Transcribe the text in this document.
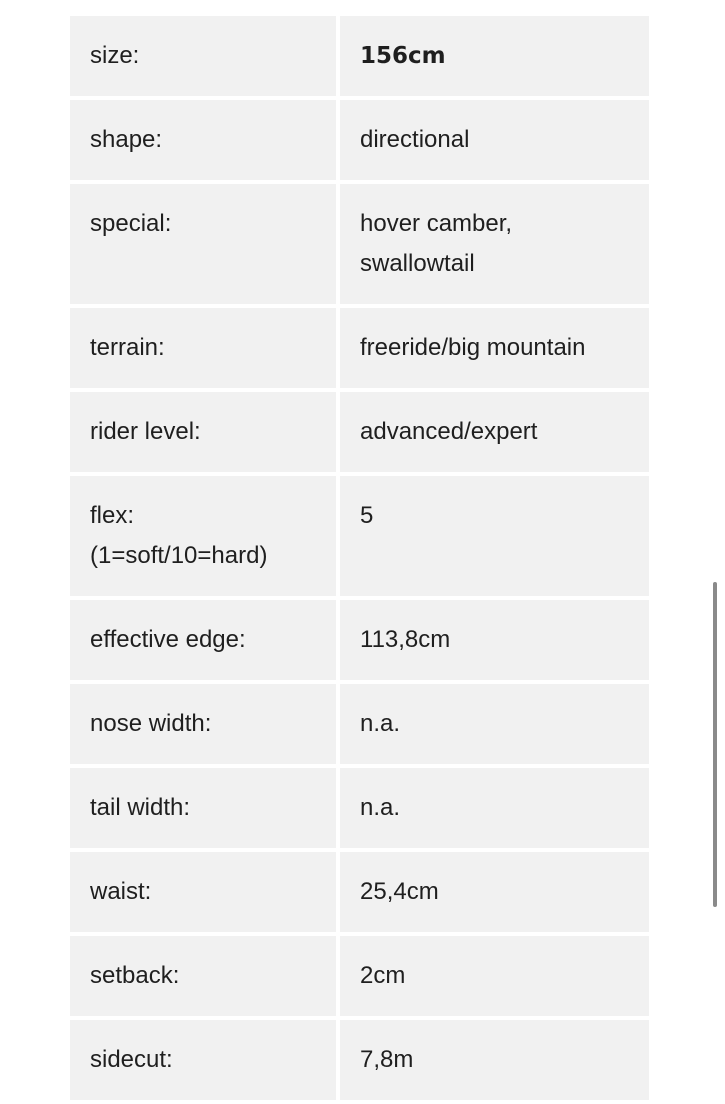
size:	156cm

shape:	directional

special:	hover camber,
swallowtail

terrain:	freeride/big mountain

rider level:	advanced/expert

flex:
(1=soft/10=hard)	5

effective edge:	113,8cm

nose width:	n.a.

tail width:	n.a.

waist:	25,4cm

setback:	2cm

sidecut:	7,8m
